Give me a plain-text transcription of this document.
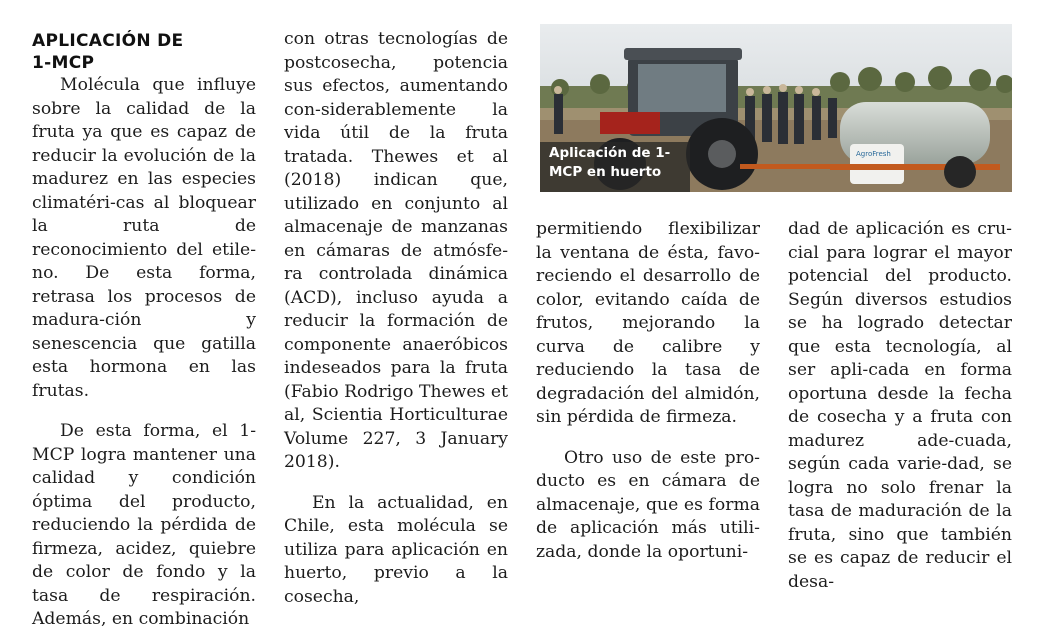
APLICACIÓN DE 1-MCP

Molécula que influye sobre la calidad de la fruta ya que es capaz de reducir la evolución de la madurez en las especies climatéri-cas al bloquear la ruta de reconocimiento del etile-no. De esta forma, retrasa los procesos de madura-ción y senescencia que gatilla esta hormona en las frutas.

De esta forma, el 1-MCP logra mantener una calidad y condición óptima del producto, reduciendo la pérdida de firmeza, acidez, quiebre de color de fondo y la tasa de respiración. Además, en combinación

con otras tecnologías de postcosecha, potencia sus efectos, aumentando con-siderablemente la vida útil de la fruta tratada. Thewes et al (2018) indican que, utilizado en conjunto al almacenaje de manzanas en cámaras de atmósfe-ra controlada dinámica (ACD), incluso ayuda a reducir la formación de componente anaeróbicos indeseados para la fruta (Fabio Rodrigo Thewes et al, Scientia Horticulturae Volume 227, 3 January 2018).

En la actualidad, en Chile, esta molécula se utiliza para aplicación en huerto, previo a la cosecha,

AgroFresh
Aplicación de 1-MCP en huerto

permitiendo flexibilizar la ventana de ésta, favo-reciendo el desarrollo de color, evitando caída de frutos, mejorando la curva de calibre y reduciendo la tasa de degradación del almidón, sin pérdida de firmeza.

Otro uso de este pro-ducto es en cámara de almacenaje, que es forma de aplicación más utili-zada, donde la oportuni-

dad de aplicación es cru-cial para lograr el mayor potencial del producto. Según diversos estudios se ha logrado detectar que esta tecnología, al ser apli-cada en forma oportuna desde la fecha de cosecha y a fruta con madurez ade-cuada, según cada varie-dad, se logra no solo frenar la tasa de maduración de la fruta, sino que también se es capaz de reducir el desa-
